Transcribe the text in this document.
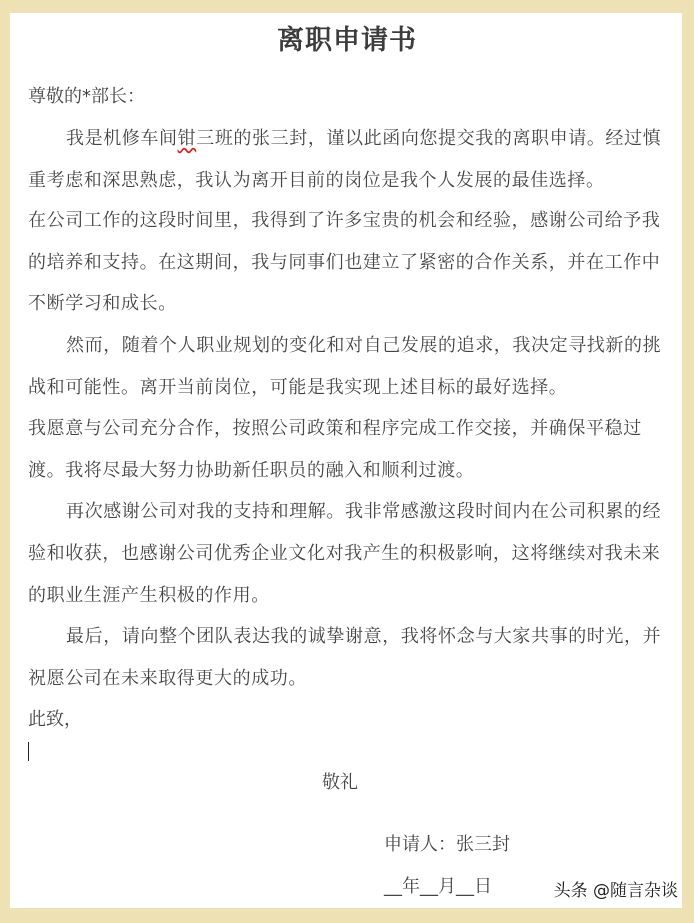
离职申请书
尊敬的*部长：
我是机修车间钳三班的张三封，谨以此函向您提交我的离职申请。经过慎
重考虑和深思熟虑，我认为离开目前的岗位是我个人发展的最佳选择。
在公司工作的这段时间里，我得到了许多宝贵的机会和经验，感谢公司给予我
的培养和支持。在这期间，我与同事们也建立了紧密的合作关系，并在工作中
不断学习和成长。
然而，随着个人职业规划的变化和对自己发展的追求，我决定寻找新的挑
战和可能性。离开当前岗位，可能是我实现上述目标的最好选择。
我愿意与公司充分合作，按照公司政策和程序完成工作交接，并确保平稳过
渡。我将尽最大努力协助新任职员的融入和顺利过渡。
再次感谢公司对我的支持和理解。我非常感激这段时间内在公司积累的经
验和收获，也感谢公司优秀企业文化对我产生的积极影响，这将继续对我未来
的职业生涯产生积极的作用。
最后，请向整个团队表达我的诚挚谢意，我将怀念与大家共事的时光，并
祝愿公司在未来取得更大的成功。
此致，
敬礼
申请人：张三封
__年__月__日	头条 @随言杂谈
